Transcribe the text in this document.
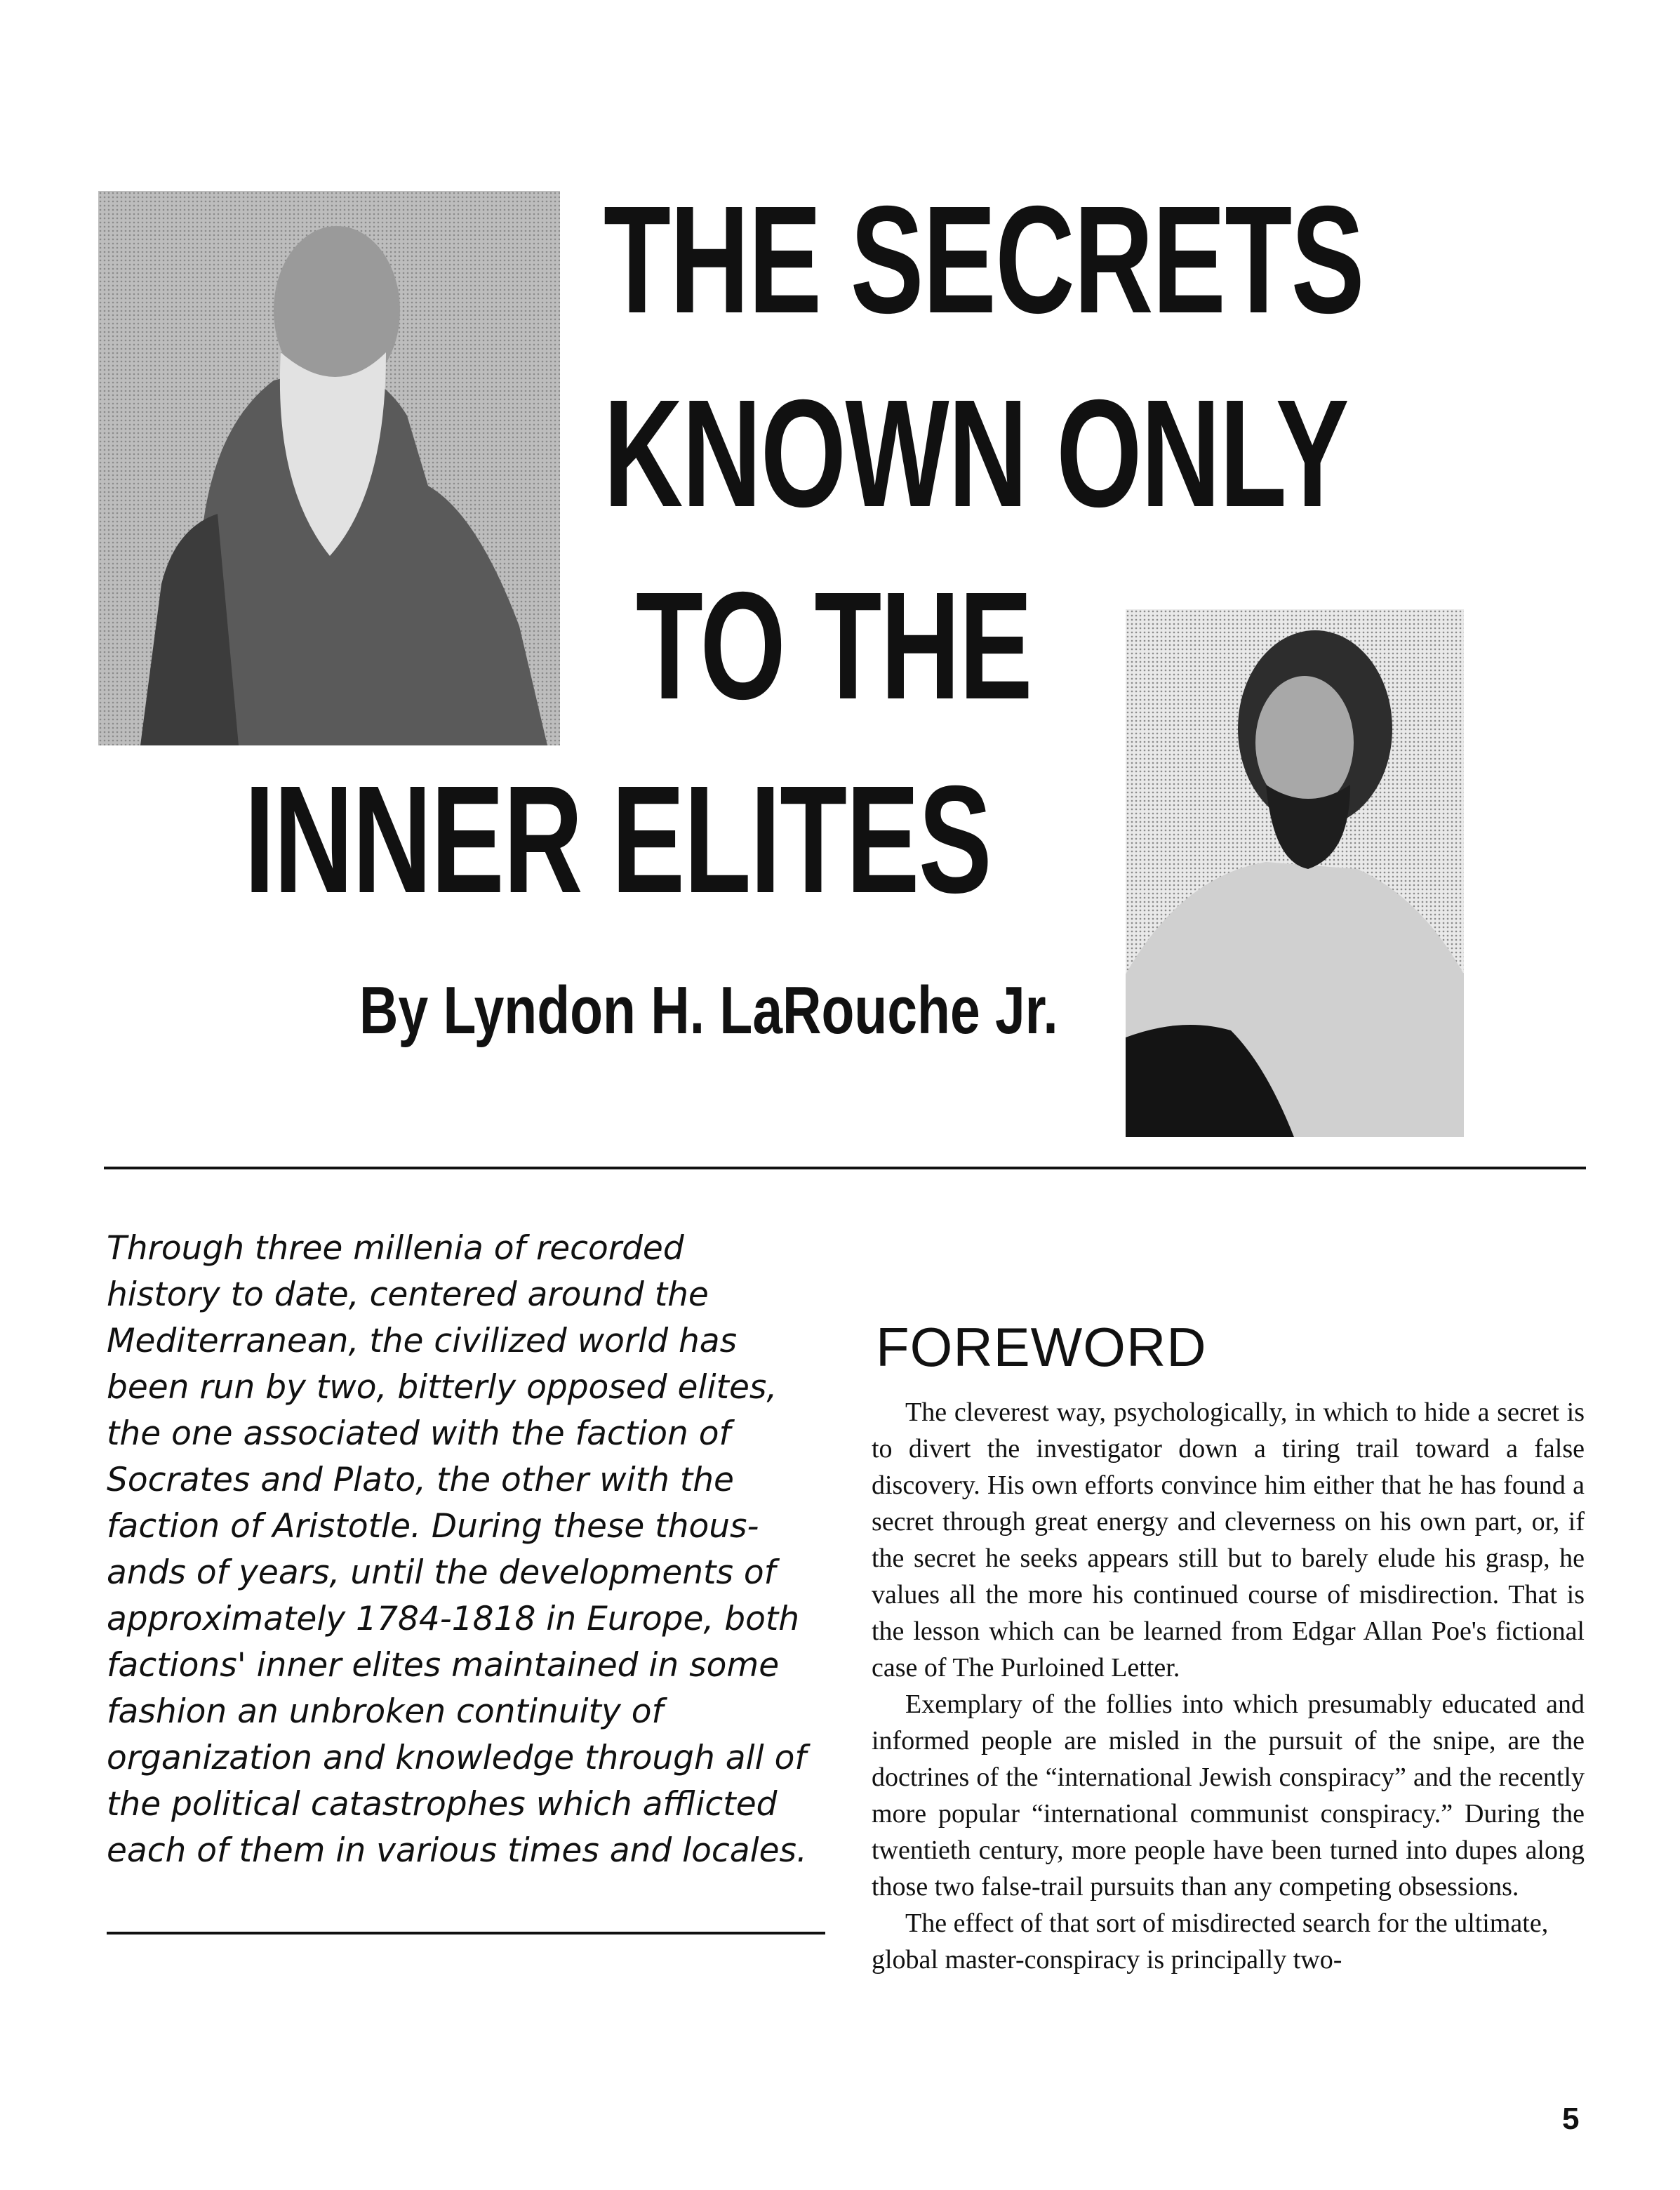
THE SECRETS
KNOWN ONLY
TO THE
INNER ELITES
By Lyndon H. LaRouche Jr.
Through three millenia of recorded
history to date, centered around the
Mediterranean, the civilized world has
been run by two, bitterly opposed elites,
the one associated with the faction of
Socrates and Plato, the other with the
faction of Aristotle. During these thous-
ands of years, until the developments of
approximately 1784-1818 in Europe, both
factions' inner elites maintained in some
fashion an unbroken continuity of
organization and knowledge through all of
the political catastrophes which afflicted
each of them in various times and locales.
FOREWORD

The cleverest way, psychologically, in which to hide a secret is to divert the investigator down a tiring trail toward a false discovery. His own efforts convince him either that he has found a secret through great energy and cleverness on his own part, or, if the secret he seeks appears still but to barely elude his grasp, he values all the more his continued course of misdirection. That is the lesson which can be learned from Edgar Allan Poe's fictional case of The Purloined Letter.

Exemplary of the follies into which presumably educated and informed people are misled in the pursuit of the snipe, are the doctrines of the “international Jewish conspiracy” and the recently more popular “international communist conspiracy.” During the twentieth century, more people have been turned into dupes along those two false-trail pursuits than any competing obsessions.

The effect of that sort of misdirected search for the ultimate, global master-conspiracy is principally two-

5
